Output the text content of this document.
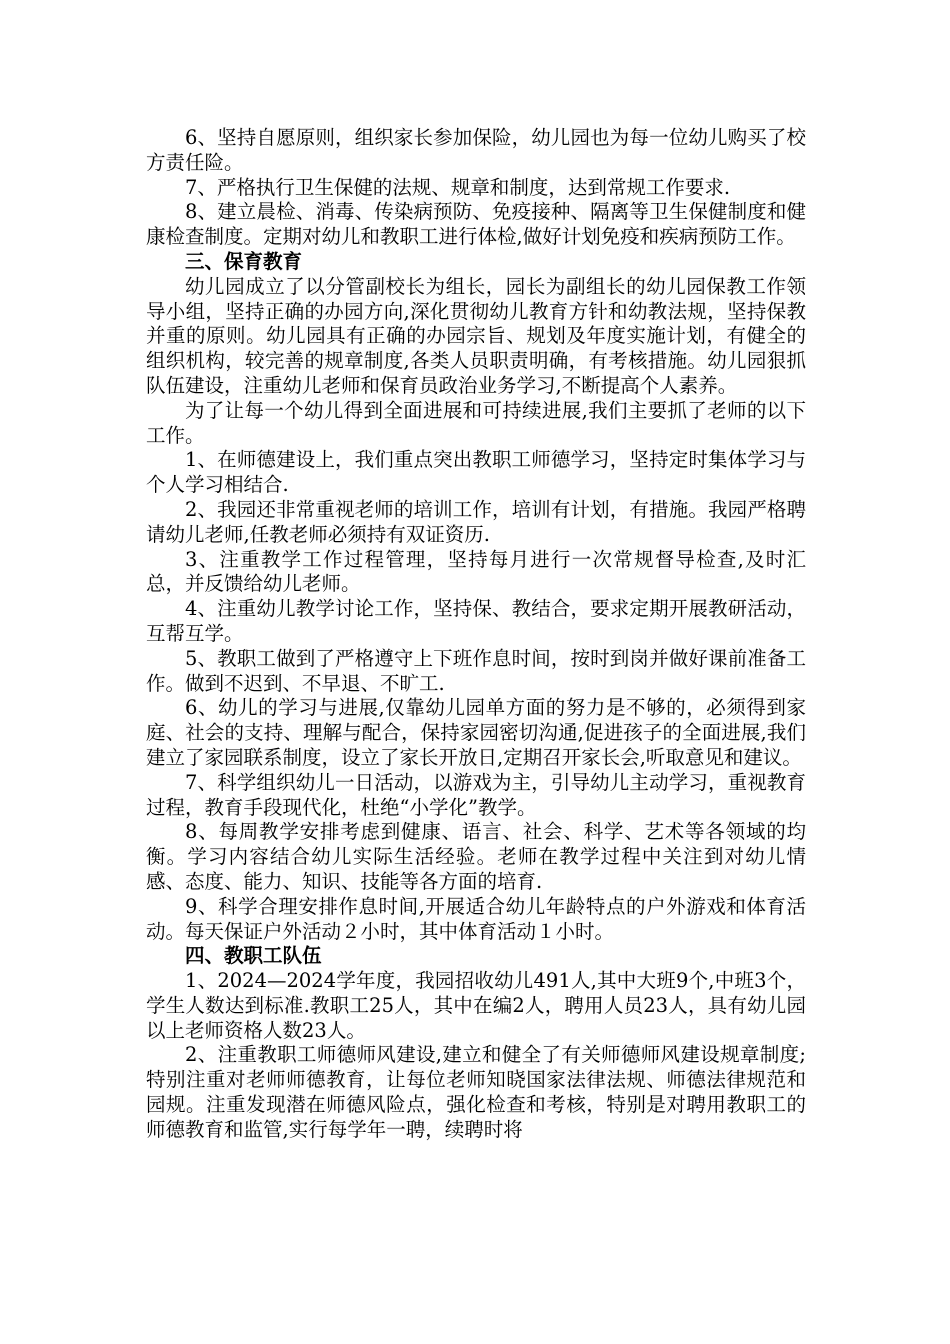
6、坚持自愿原则，组织家长参加保险，幼儿园也为每一位幼儿购买了校方责任险。

7、严格执行卫生保健的法规、规章和制度，达到常规工作要求.

8、建立晨检、消毒、传染病预防、免疫接种、隔离等卫生保健制度和健康检查制度。定期对幼儿和教职工进行体检,做好计划免疫和疾病预防工作。

三、保育教育

幼儿园成立了以分管副校长为组长，园长为副组长的幼儿园保教工作领导小组，坚持正确的办园方向,深化贯彻幼儿教育方针和幼教法规，坚持保教并重的原则。幼儿园具有正确的办园宗旨、规划及年度实施计划，有健全的组织机构，较完善的规章制度,各类人员职责明确，有考核措施。幼儿园狠抓队伍建设，注重幼儿老师和保育员政治业务学习,不断提高个人素养。

为了让每一个幼儿得到全面进展和可持续进展,我们主要抓了老师的以下工作。

1、在师德建设上，我们重点突出教职工师德学习，坚持定时集体学习与个人学习相结合.

2、我园还非常重视老师的培训工作，培训有计划，有措施。我园严格聘请幼儿老师,任教老师必须持有双证资历.

3、注重教学工作过程管理，坚持每月进行一次常规督导检查,及时汇总，并反馈给幼儿老师。

4、注重幼儿教学讨论工作，坚持保、教结合，要求定期开展教研活动，互帮互学。

5、教职工做到了严格遵守上下班作息时间，按时到岗并做好课前准备工作。做到不迟到、不早退、不旷工.

6、幼儿的学习与进展,仅靠幼儿园单方面的努力是不够的，必须得到家庭、社会的支持、理解与配合，保持家园密切沟通,促进孩子的全面进展,我们建立了家园联系制度，设立了家长开放日,定期召开家长会,听取意见和建议。

7、科学组织幼儿一日活动，以游戏为主，引导幼儿主动学习，重视教育过程，教育手段现代化，杜绝“小学化”教学。

8、每周教学安排考虑到健康、语言、社会、科学、艺术等各领域的均衡。学习内容结合幼儿实际生活经验。老师在教学过程中关注到对幼儿情感、态度、能力、知识、技能等各方面的培育.

9、科学合理安排作息时间,开展适合幼儿年龄特点的户外游戏和体育活动。每天保证户外活动２小时，其中体育活动１小时。

四、教职工队伍

1、2024—2024学年度，我园招收幼儿491人,其中大班9个,中班3个，学生人数达到标准.教职工25人，其中在编2人，聘用人员23人，具有幼儿园以上老师资格人数23人。

2、注重教职工师德师风建设,建立和健全了有关师德师风建设规章制度;特别注重对老师师德教育，让每位老师知晓国家法律法规、师德法律规范和园规。注重发现潜在师德风险点，强化检查和考核，特别是对聘用教职工的师德教育和监管,实行每学年一聘，续聘时将
